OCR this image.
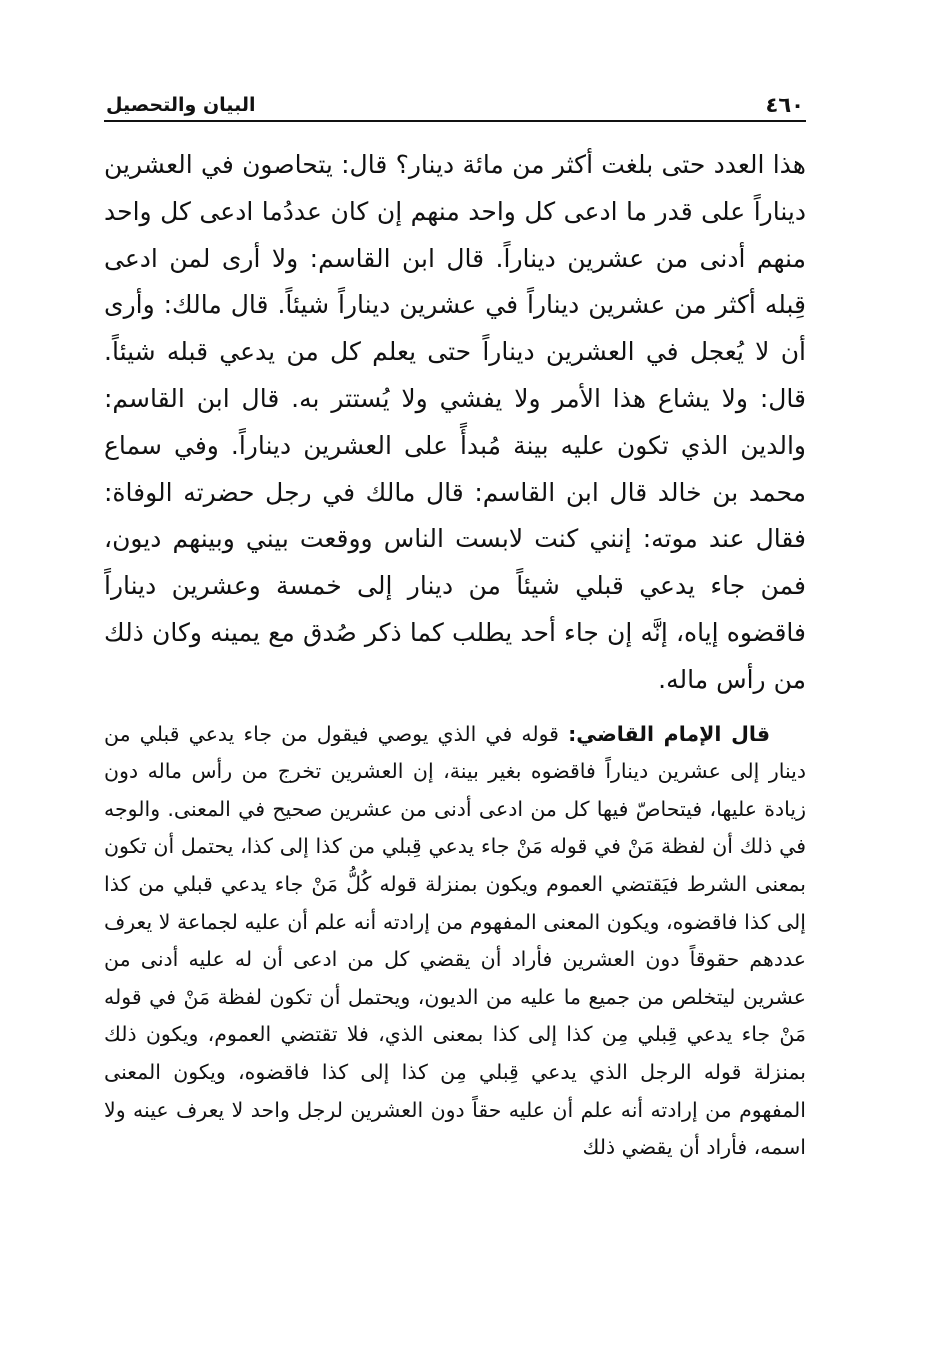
٤٦٠
البيان والتحصيل

هذا العدد حتى بلغت أكثر من مائة دينار؟ قال: يتحاصون في العشرين ديناراً على قدر ما ادعى كل واحد منهم إن كان عددُما ادعى كل واحد منهم أدنى من عشرين ديناراً. قال ابن القاسم: ولا أرى لمن ادعى قِبله أكثر من عشرين ديناراً في عشرين ديناراً شيئاً. قال مالك: وأرى أن لا يُعجل في العشرين ديناراً حتى يعلم كل من يدعي قبله شيئاً. قال: ولا يشاع هذا الأمر ولا يفشي ولا يُستتر به. قال ابن القاسم: والدين الذي تكون عليه بينة مُبدأً على العشرين ديناراً. وفي سماع محمد بن خالد قال ابن القاسم: قال مالك في رجل حضرته الوفاة: فقال عند موته: إنني كنت لابست الناس ووقعت بيني وبينهم ديون، فمن جاء يدعي قبلي شيئاً من دينار إلى خمسة وعشرين ديناراً فاقضوه إياه، إنَّه إن جاء أحد يطلب كما ذكر صُدق مع يمينه وكان ذلك من رأس ماله.

قال الإمام القاضي: قوله في الذي يوصي فيقول من جاء يدعي قبلي من دينار إلى عشرين ديناراً فاقضوه بغير بينة، إن العشرين تخرج من رأس ماله دون زيادة عليها، فيتحاصّ فيها كل من ادعى أدنى من عشرين صحيح في المعنى. والوجه في ذلك أن لفظة مَنْ في قوله مَنْ جاء يدعي قِبلي من كذا إلى كذا، يحتمل أن تكون بمعنى الشرط فيَقتضي العموم ويكون بمنزلة قوله كُلُّ مَنْ جاء يدعي قبلي من كذا إلى كذا فاقضوه، ويكون المعنى المفهوم من إرادته أنه علم أن عليه لجماعة لا يعرف عددهم حقوقاً دون العشرين فأراد أن يقضي كل من ادعى أن له عليه أدنى من عشرين ليتخلص من جميع ما عليه من الديون، ويحتمل أن تكون لفظة مَنْ في قوله مَنْ جاء يدعي قِبلي مِن كذا إلى كذا بمعنى الذي، فلا تقتضي العموم، ويكون ذلك بمنزلة قوله الرجل الذي يدعي قِبلي مِن كذا إلى كذا فاقضوه، ويكون المعنى المفهوم من إرادته أنه علم أن عليه حقاً دون العشرين لرجل واحد لا يعرف عينه ولا اسمه، فأراد أن يقضي ذلك
